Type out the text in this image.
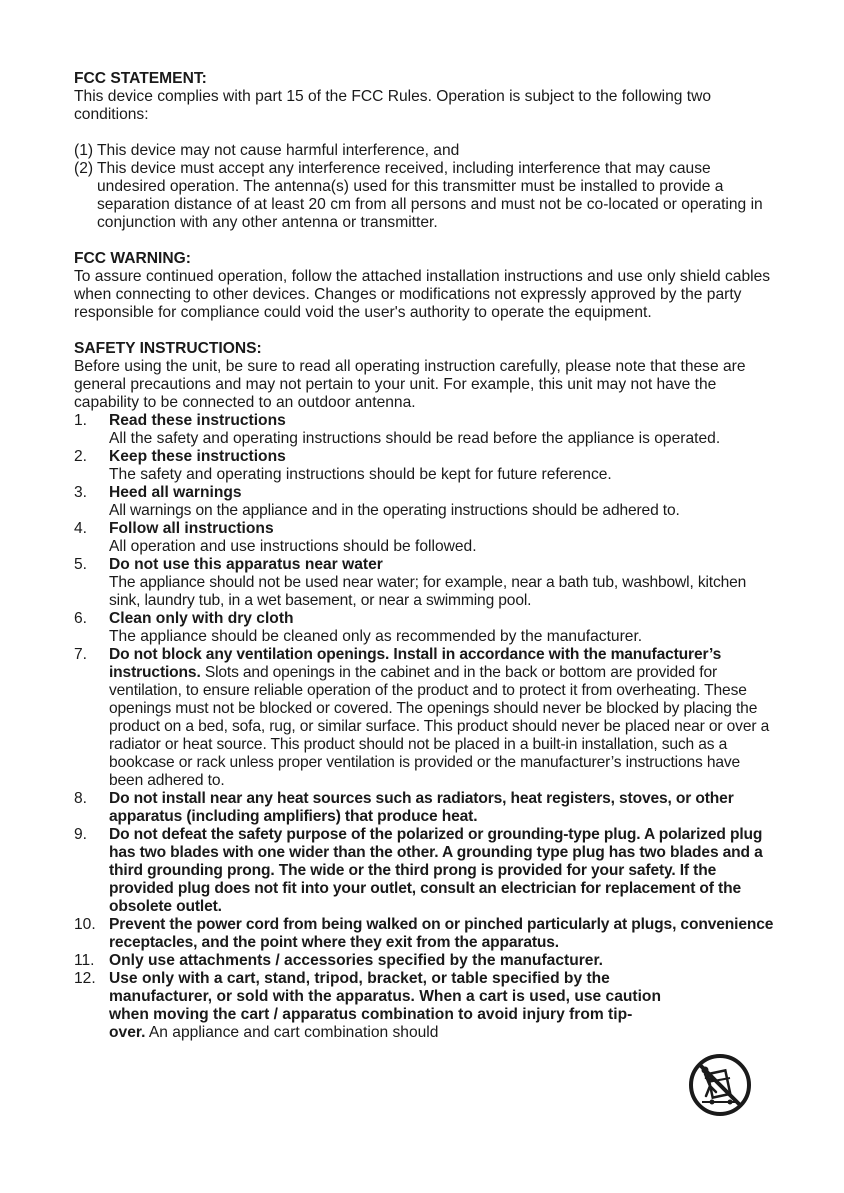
FCC STATEMENT:

This device complies with part 15 of the FCC Rules. Operation is subject to the following two conditions:

(1) This device may not cause harmful interference, and
(2) This device must accept any interference received, including interference that may cause undesired operation. The antenna(s) used for this transmitter must be installed to provide a separation distance of at least 20 cm from all persons and must not be co-located or operating in conjunction with any other antenna or transmitter.

FCC WARNING:

To assure continued operation, follow the attached installation instructions and use only shield cables when connecting to other devices. Changes or modifications not expressly approved by the party responsible for compliance could void the user's authority to operate the equipment.

SAFETY INSTRUCTIONS:

Before using the unit, be sure to read all operating instruction carefully, please note that these are general precautions and may not pertain to your unit. For example, this unit may not have the capability to be connected to an outdoor antenna.

1.	Read these instructions
All the safety and operating instructions should be read before the appliance is operated.
2.	Keep these instructions
The safety and operating instructions should be kept for future reference.
3.	Heed all warnings
All warnings on the appliance and in the operating instructions should be adhered to.
4.	Follow all instructions
All operation and use instructions should be followed.
5.	Do not use this apparatus near water
The appliance should not be used near water; for example, near a bath tub, washbowl, kitchen sink, laundry tub, in a wet basement, or near a swimming pool.
6.	Clean only with dry cloth
The appliance should be cleaned only as recommended by the manufacturer.
7.	Do not block any ventilation openings. Install in accordance with the manufacturer’s instructions. Slots and openings in the cabinet and in the back or bottom are provided for ventilation, to ensure reliable operation of the product and to protect it from overheating. These openings must not be blocked or covered. The openings should never be blocked by placing the product on a bed, sofa, rug, or similar surface. This product should never be placed near or over a radiator or heat source. This product should not be placed in a built-in installation, such as a bookcase or rack unless proper ventilation is provided or the manufacturer’s instructions have been adhered to.
8.	Do not install near any heat sources such as radiators, heat registers, stoves, or other apparatus (including amplifiers) that produce heat.
9.	Do not defeat the safety purpose of the polarized or grounding-type plug. A polarized plug has two blades with one wider than the other. A grounding type plug has two blades and a third grounding prong. The wide or the third prong is provided for your safety. If the provided plug does not fit into your outlet, consult an electrician for replacement of the obsolete outlet.
10. Prevent the power cord from being walked on or pinched particularly at plugs, convenience receptacles, and the point where they exit from the apparatus.
11. Only use attachments / accessories specified by the manufacturer.
12. Use only with a cart, stand, tripod, bracket, or table specified by the manufacturer, or sold with the apparatus. When a cart is used, use caution when moving the cart / apparatus combination to avoid injury from tip-over. An appliance and cart combination should
